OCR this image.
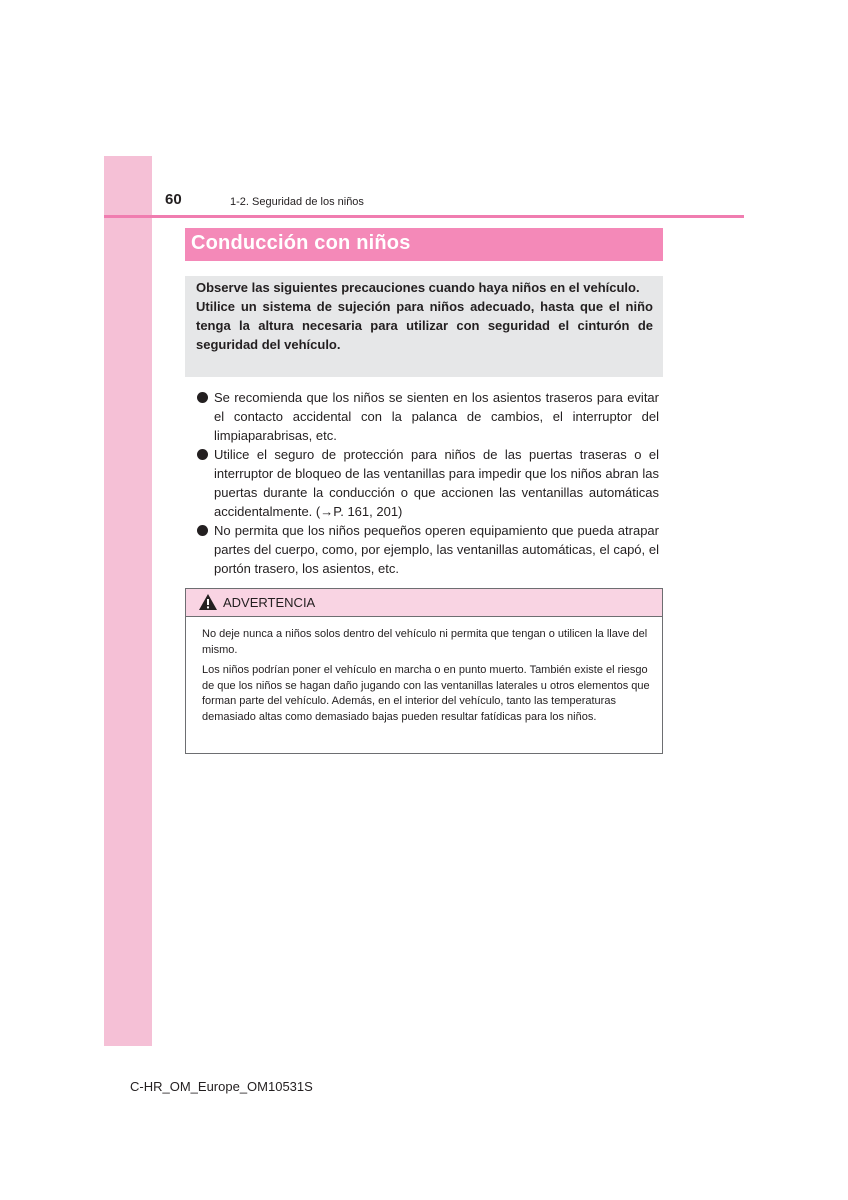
60	1-2. Seguridad de los niños
Conducción con niños

Observe las siguientes precauciones cuando haya niños en el vehículo.

Utilice un sistema de sujeción para niños adecuado, hasta que el niño tenga la altura necesaria para utilizar con seguridad el cinturón de seguridad del vehículo.

Se recomienda que los niños se sienten en los asientos traseros para evitar el contacto accidental con la palanca de cambios, el interruptor del limpiaparabrisas, etc.
Utilice el seguro de protección para niños de las puertas traseras o el interruptor de bloqueo de las ventanillas para impedir que los niños abran las puertas durante la conducción o que accionen las ventanillas automáticas accidentalmente. (→P. 161, 201)
No permita que los niños pequeños operen equipamiento que pueda atrapar partes del cuerpo, como, por ejemplo, las ventanillas automáticas, el capó, el portón trasero, los asientos, etc.
ADVERTENCIA

No deje nunca a niños solos dentro del vehículo ni permita que tengan o utilicen la llave del mismo.

Los niños podrían poner el vehículo en marcha o en punto muerto. También existe el riesgo de que los niños se hagan daño jugando con las ventanillas laterales u otros elementos que forman parte del vehículo. Además, en el interior del vehículo, tanto las temperaturas demasiado altas como demasiado bajas pueden resultar fatídicas para los niños.

C-HR_OM_Europe_OM10531S
